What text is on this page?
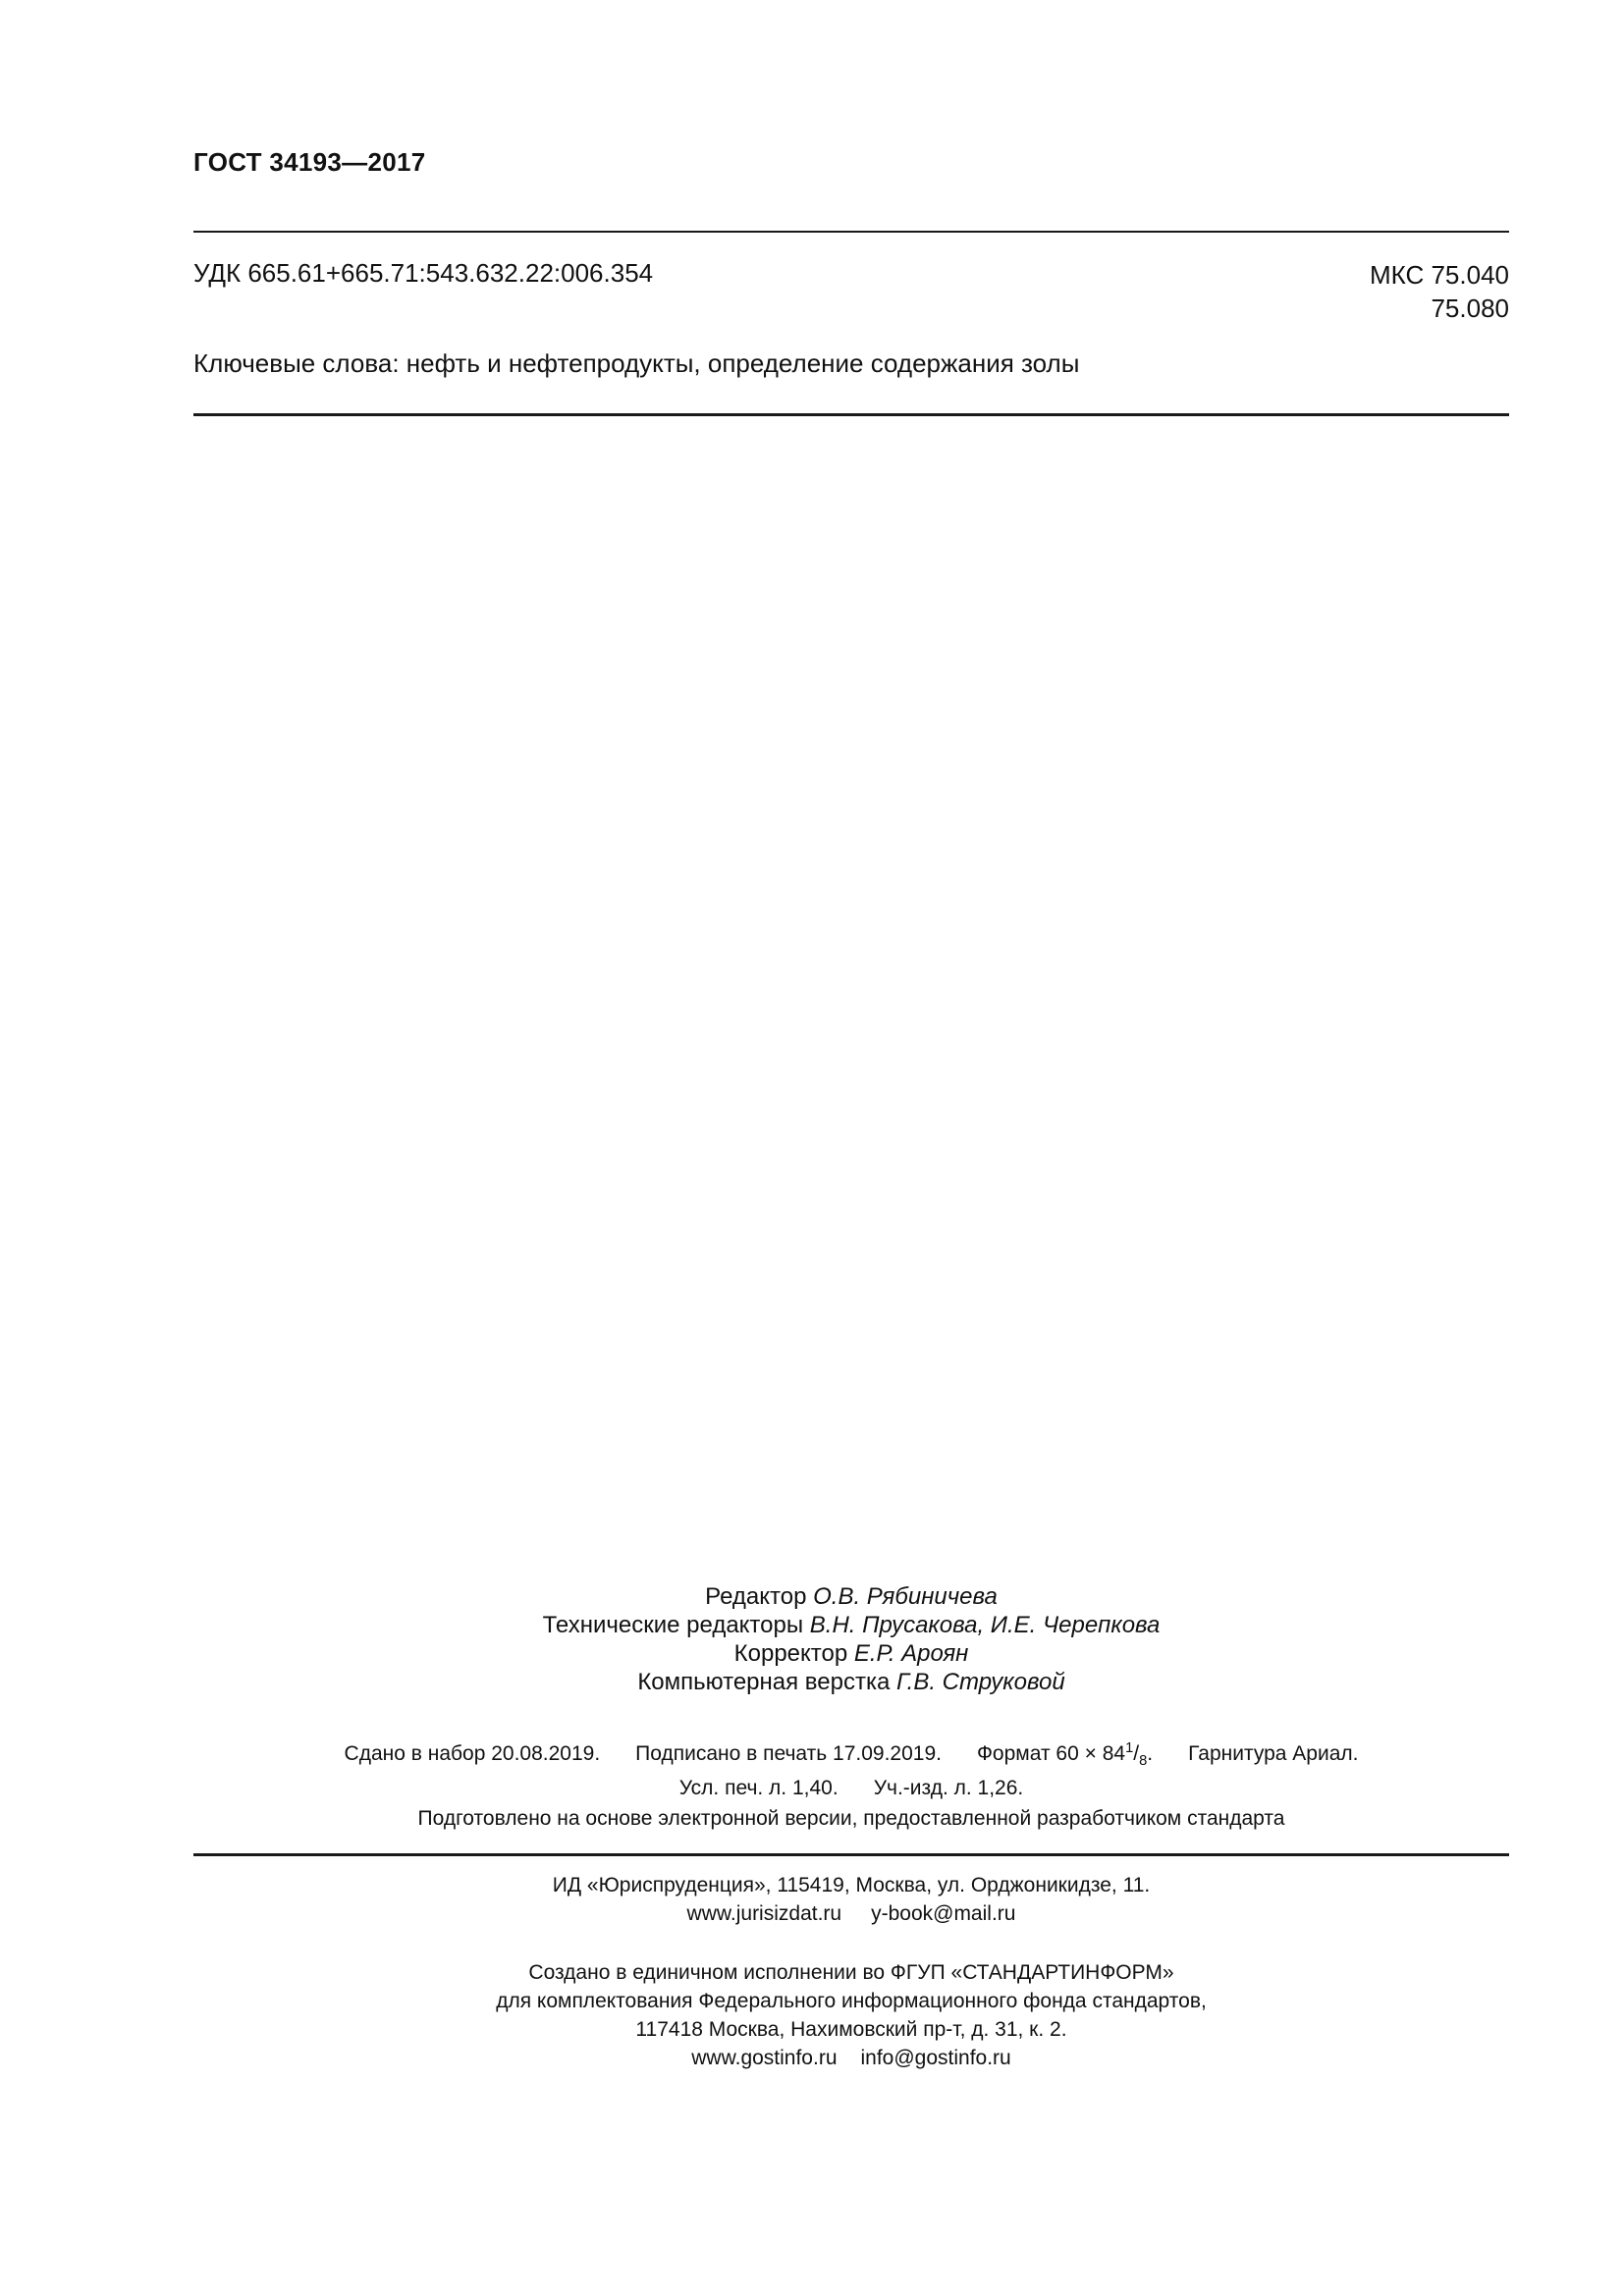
ГОСТ 34193—2017
УДК 665.61+665.71:543.632.22:006.354	МКС 75.040
75.080
Ключевые слова: нефть и нефтепродукты, определение содержания золы
Редактор О.В. Рябиничева
Технические редакторы В.Н. Прусакова, И.Е. Черепкова
Корректор Е.Р. Ароян
Компьютерная верстка Г.В. Струковой
Сдано в набор 20.08.2019. Подписано в печать 17.09.2019. Формат $60 \times 84^1/_8$. Гарнитура Ариал.
Усл. печ. л. 1,40. Уч.-изд. л. 1,26.
Подготовлено на основе электронной версии, предоставленной разработчиком стандарта
ИД «Юриспруденция», 115419, Москва, ул. Орджоникидзе, 11.
www.jurisizdat.ru y-book@mail.ru
Создано в единичном исполнении во ФГУП «СТАНДАРТИНФОРМ»
для комплектования Федерального информационного фонда стандартов,
117418 Москва, Нахимовский пр-т, д. 31, к. 2.
www.gostinfo.ru info@gostinfo.ru
